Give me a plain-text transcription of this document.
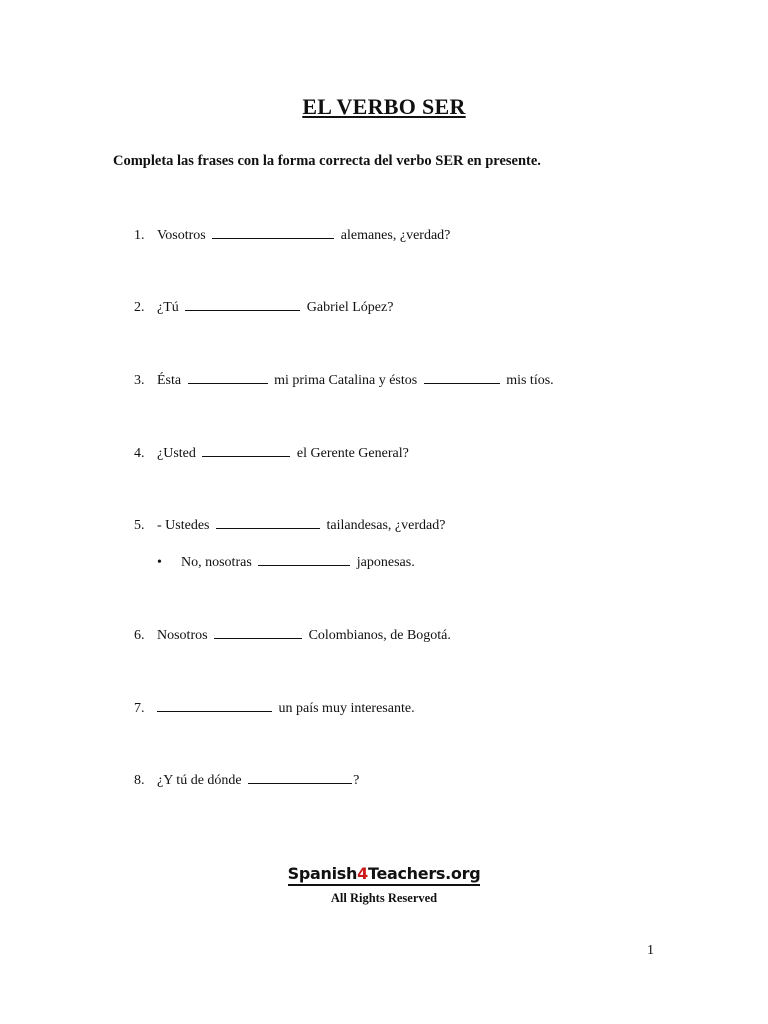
EL VERBO SER
Completa las frases con la forma correcta del verbo SER en presente.
1. Vosotros	alemanes, ¿verdad?
2. ¿Tú	Gabriel López?
3. Ésta	mi prima Catalina y éstos	mis tíos.
4. ¿Usted	el Gerente General?
5. - Ustedes	tailandesas, ¿verdad?
• No, nosotras	japonesas.
6. Nosotros	Colombianos, de Bogotá.
7.	un país muy interesante.
8. ¿Y tú de dónde	?
Spanish4Teachers.org
All Rights Reserved
1
